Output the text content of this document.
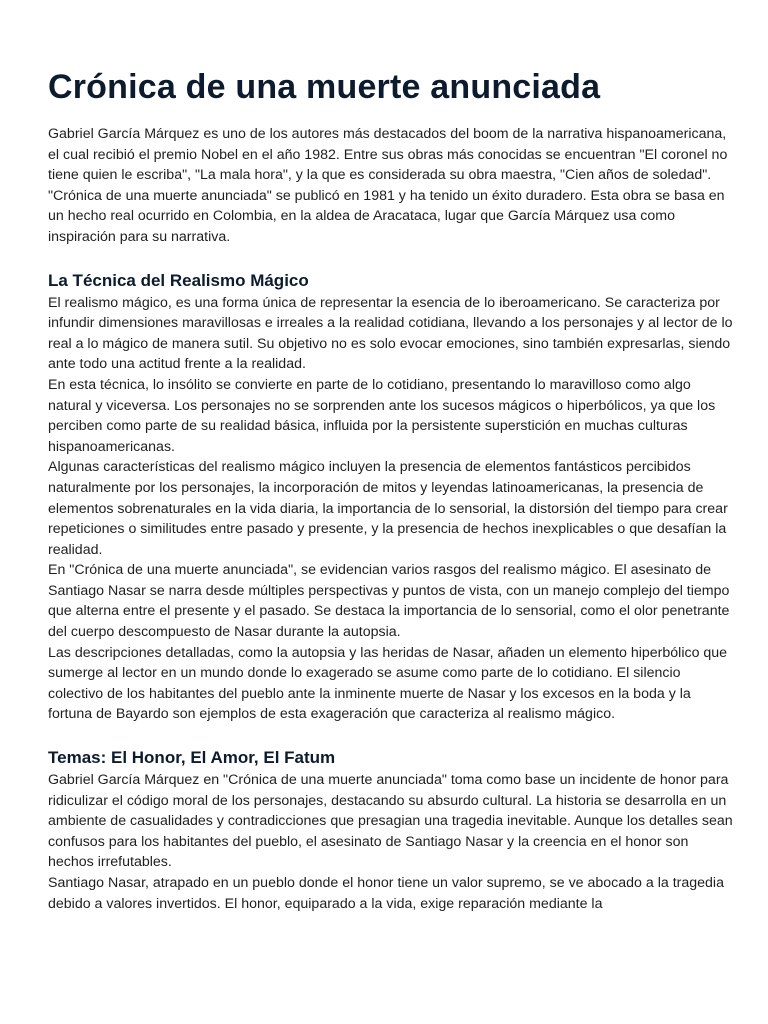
Crónica de una muerte anunciada

Gabriel García Márquez es uno de los autores más destacados del boom de la narrativa hispanoamericana, el cual recibió el premio Nobel en el año 1982. Entre sus obras más conocidas se encuentran "El coronel no tiene quien le escriba", "La mala hora", y la que es considerada su obra maestra, "Cien años de soledad". "Crónica de una muerte anunciada" se publicó en 1981 y ha tenido un éxito duradero. Esta obra se basa en un hecho real ocurrido en Colombia, en la aldea de Aracataca, lugar que García Márquez usa como inspiración para su narrativa.

La Técnica del Realismo Mágico

El realismo mágico, es una forma única de representar la esencia de lo iberoamericano. Se caracteriza por infundir dimensiones maravillosas e irreales a la realidad cotidiana, llevando a los personajes y al lector de lo real a lo mágico de manera sutil. Su objetivo no es solo evocar emociones, sino también expresarlas, siendo ante todo una actitud frente a la realidad.

En esta técnica, lo insólito se convierte en parte de lo cotidiano, presentando lo maravilloso como algo natural y viceversa. Los personajes no se sorprenden ante los sucesos mágicos o hiperbólicos, ya que los perciben como parte de su realidad básica, influida por la persistente superstición en muchas culturas hispanoamericanas.

Algunas características del realismo mágico incluyen la presencia de elementos fantásticos percibidos naturalmente por los personajes, la incorporación de mitos y leyendas latinoamericanas, la presencia de elementos sobrenaturales en la vida diaria, la importancia de lo sensorial, la distorsión del tiempo para crear repeticiones o similitudes entre pasado y presente, y la presencia de hechos inexplicables o que desafían la realidad.

En "Crónica de una muerte anunciada", se evidencian varios rasgos del realismo mágico. El asesinato de Santiago Nasar se narra desde múltiples perspectivas y puntos de vista, con un manejo complejo del tiempo que alterna entre el presente y el pasado. Se destaca la importancia de lo sensorial, como el olor penetrante del cuerpo descompuesto de Nasar durante la autopsia.

Las descripciones detalladas, como la autopsia y las heridas de Nasar, añaden un elemento hiperbólico que sumerge al lector en un mundo donde lo exagerado se asume como parte de lo cotidiano. El silencio colectivo de los habitantes del pueblo ante la inminente muerte de Nasar y los excesos en la boda y la fortuna de Bayardo son ejemplos de esta exageración que caracteriza al realismo mágico.

Temas: El Honor, El Amor, El Fatum

Gabriel García Márquez en "Crónica de una muerte anunciada" toma como base un incidente de honor para ridiculizar el código moral de los personajes, destacando su absurdo cultural. La historia se desarrolla en un ambiente de casualidades y contradicciones que presagian una tragedia inevitable. Aunque los detalles sean confusos para los habitantes del pueblo, el asesinato de Santiago Nasar y la creencia en el honor son hechos irrefutables.

Santiago Nasar, atrapado en un pueblo donde el honor tiene un valor supremo, se ve abocado a la tragedia debido a valores invertidos. El honor, equiparado a la vida, exige reparación mediante la
